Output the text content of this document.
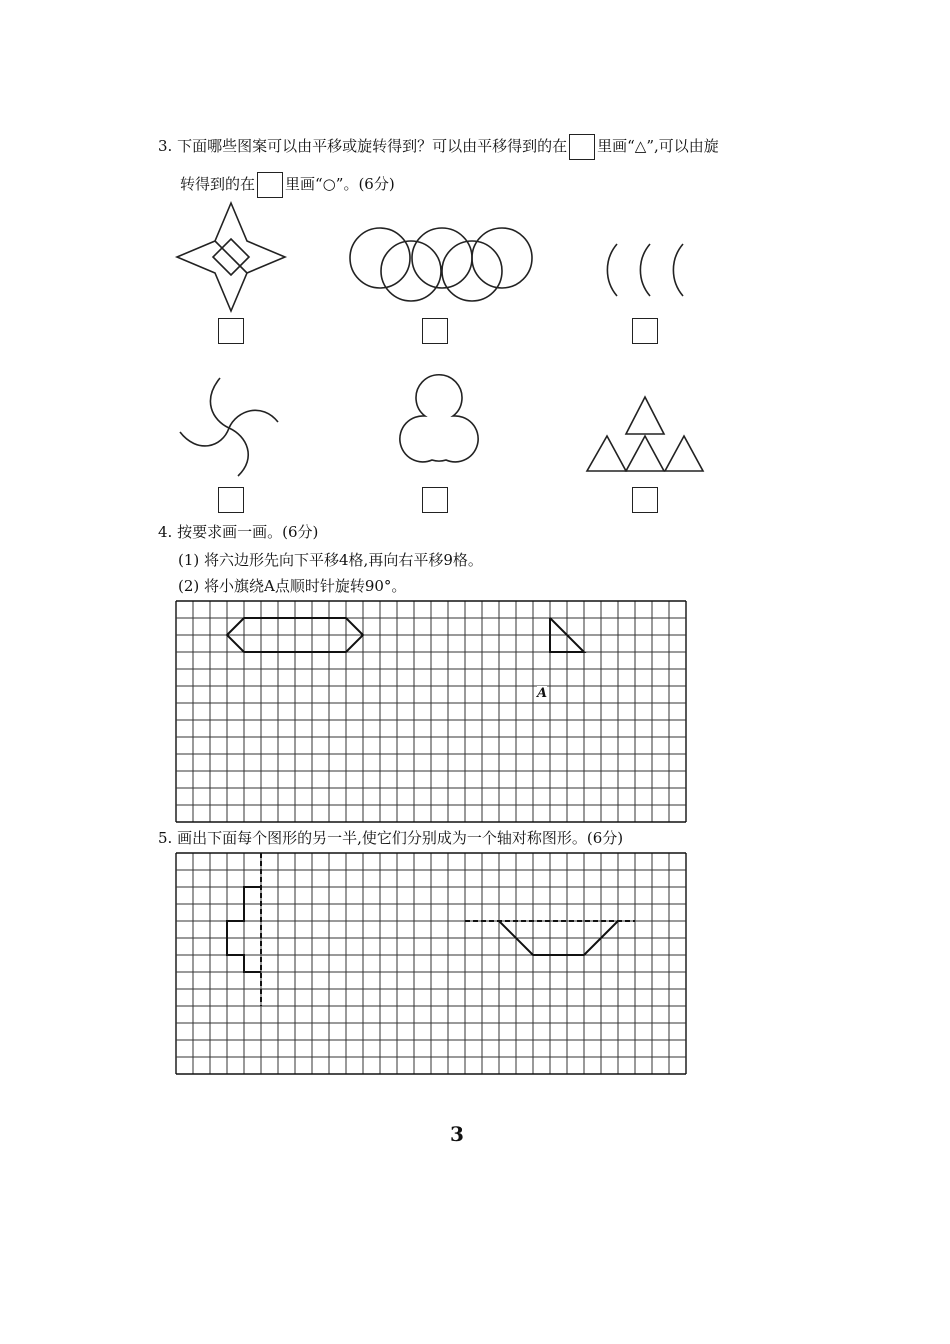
3. 下面哪些图案可以由平移或旋转得到？可以由平移得到的在 里画“△”,可以由旋
转得到的在 里画“○”。(6分)
4. 按要求画一画。(6分)
(1) 将六边形先向下平移4格,再向右平移9格。
(2) 将小旗绕A点顺时针旋转90°。
A
5. 画出下面每个图形的另一半,使它们分别成为一个轴对称图形。(6分)
3
